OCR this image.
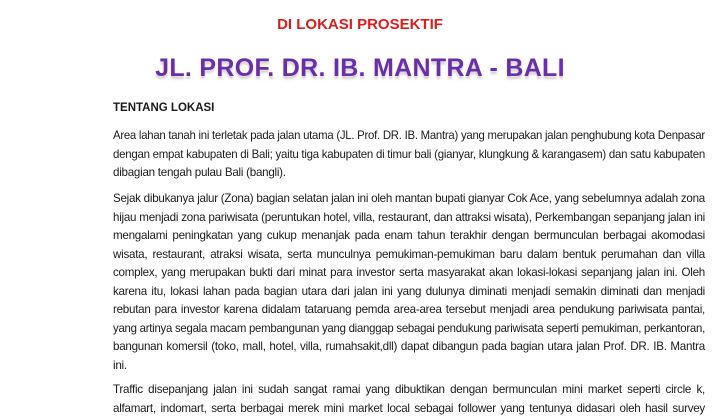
DI LOKASI PROSEKTIF
JL. PROF. DR. IB. MANTRA - BALI
TENTANG LOKASI
Area lahan tanah ini terletak pada jalan utama (JL. Prof. DR. IB. Mantra) yang merupakan jalan penghubung kota Denpasar
dengan empat kabupaten di Bali; yaitu tiga kabupaten di timur bali (gianyar, klungkung & karangasem) dan satu kabupaten
dibagian tengah pulau Bali (bangli).
Sejak dibukanya jalur (Zona) bagian selatan jalan ini oleh mantan bupati gianyar Cok Ace, yang sebelumnya adalah zona
hijau menjadi zona pariwisata (peruntukan hotel, villa, restaurant, dan attraksi wisata), Perkembangan sepanjang jalan ini
mengalami peningkatan yang cukup menanjak pada enam tahun terakhir dengan bermunculan berbagai akomodasi
wisata, restaurant, atraksi wisata, serta munculnya pemukiman-pemukiman baru dalam bentuk perumahan dan villa
complex, yang merupakan bukti dari minat para investor serta masyarakat akan lokasi-lokasi sepanjang jalan ini. Oleh
karena itu, lokasi lahan pada bagian utara dari jalan ini yang dulunya diminati menjadi semakin diminati dan menjadi
rebutan para investor karena didalam tataruang pemda area-area tersebut menjadi area pendukung pariwisata pantai,
yang artinya segala macam pembangunan yang dianggap sebagai pendukung pariwisata seperti pemukiman, perkantoran,
bangunan komersil (toko, mall, hotel, villa, rumahsakit,dll) dapat dibangun pada bagian utara jalan Prof. DR. IB. Mantra
ini.
Traffic disepanjang jalan ini sudah sangat ramai yang dibuktikan dengan bermunculan mini market seperti circle k,
alfamart, indomart, serta berbagai merek mini market local sebagai follower yang tentunya didasari oleh hasil survey
